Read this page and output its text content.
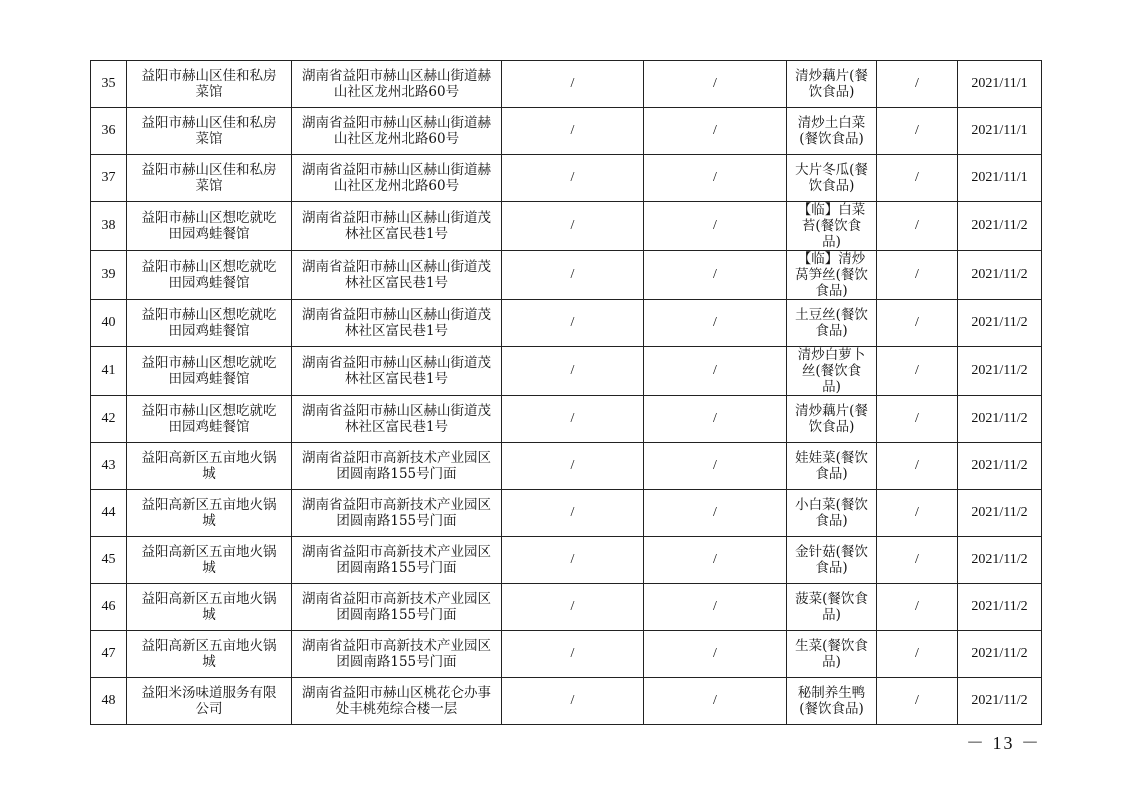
35	益阳市赫山区佳和私房菜馆	湖南省益阳市赫山区赫山街道赫山社区龙州北路60号	/	/	清炒藕片(餐饮食品)	/	2021/11/1
36	益阳市赫山区佳和私房菜馆	湖南省益阳市赫山区赫山街道赫山社区龙州北路60号	/	/	清炒土白菜(餐饮食品)	/	2021/11/1
37	益阳市赫山区佳和私房菜馆	湖南省益阳市赫山区赫山街道赫山社区龙州北路60号	/	/	大片冬瓜(餐饮食品)	/	2021/11/1
38	益阳市赫山区想吃就吃田园鸡蛙餐馆	湖南省益阳市赫山区赫山街道茂林社区富民巷1号	/	/	【临】白菜苔(餐饮食品)	/	2021/11/2
39	益阳市赫山区想吃就吃田园鸡蛙餐馆	湖南省益阳市赫山区赫山街道茂林社区富民巷1号	/	/	【临】清炒莴笋丝(餐饮食品)	/	2021/11/2
40	益阳市赫山区想吃就吃田园鸡蛙餐馆	湖南省益阳市赫山区赫山街道茂林社区富民巷1号	/	/	土豆丝(餐饮食品)	/	2021/11/2
41	益阳市赫山区想吃就吃田园鸡蛙餐馆	湖南省益阳市赫山区赫山街道茂林社区富民巷1号	/	/	清炒白萝卜丝(餐饮食品)	/	2021/11/2
42	益阳市赫山区想吃就吃田园鸡蛙餐馆	湖南省益阳市赫山区赫山街道茂林社区富民巷1号	/	/	清炒藕片(餐饮食品)	/	2021/11/2
43	益阳高新区五亩地火锅城	湖南省益阳市高新技术产业园区团圆南路155号门面	/	/	娃娃菜(餐饮食品)	/	2021/11/2
44	益阳高新区五亩地火锅城	湖南省益阳市高新技术产业园区团圆南路155号门面	/	/	小白菜(餐饮食品)	/	2021/11/2
45	益阳高新区五亩地火锅城	湖南省益阳市高新技术产业园区团圆南路155号门面	/	/	金针菇(餐饮食品)	/	2021/11/2
46	益阳高新区五亩地火锅城	湖南省益阳市高新技术产业园区团圆南路155号门面	/	/	菠菜(餐饮食品)	/	2021/11/2
47	益阳高新区五亩地火锅城	湖南省益阳市高新技术产业园区团圆南路155号门面	/	/	生菜(餐饮食品)	/	2021/11/2
48	益阳米汤味道服务有限公司	湖南省益阳市赫山区桃花仑办事处丰桃苑综合楼一层	/	/	秘制养生鸭(餐饮食品)	/	2021/11/2
－ 13 －
